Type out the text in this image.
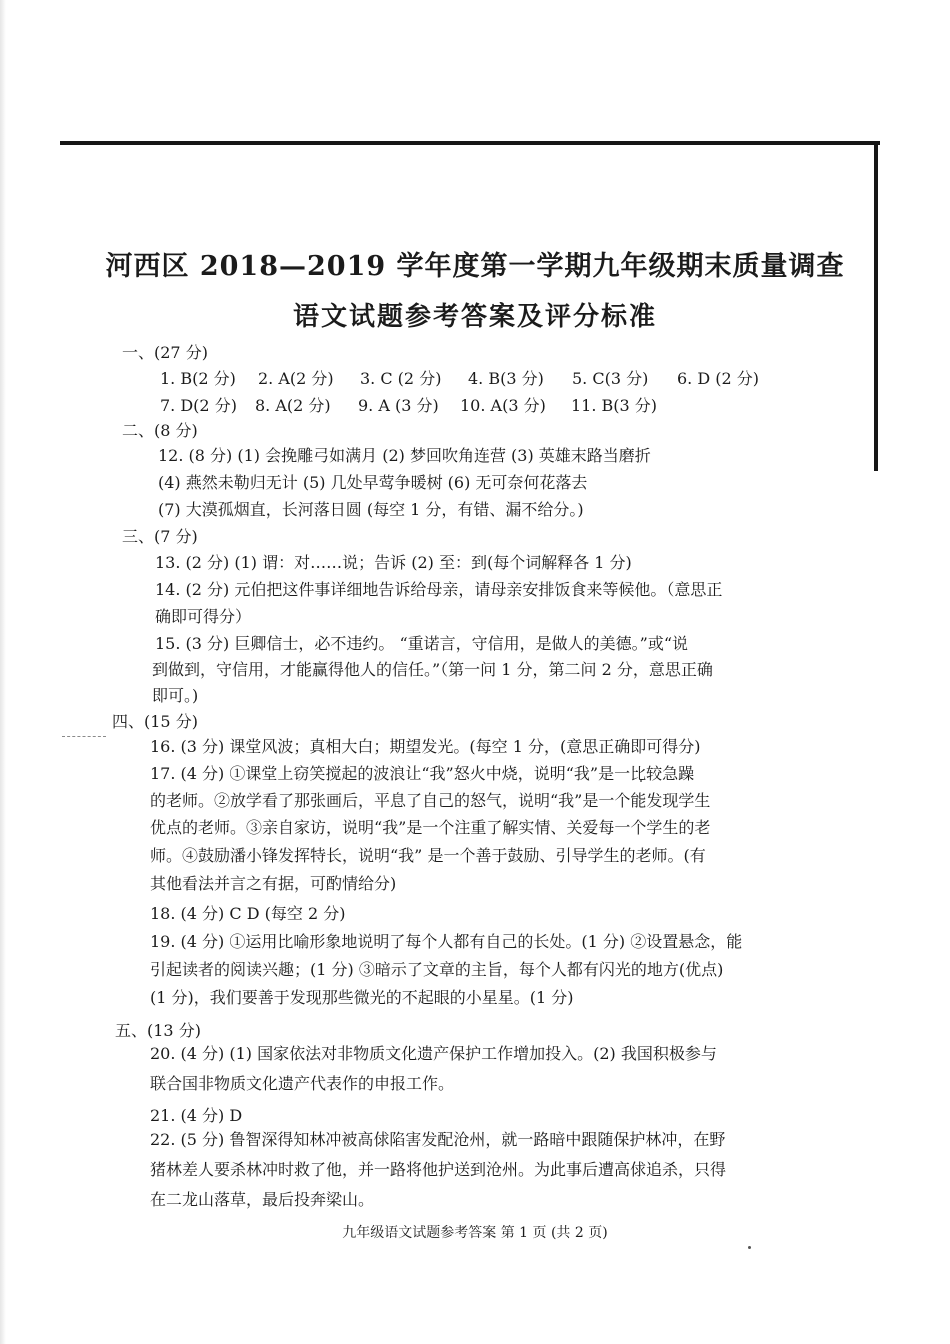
河西区 2018—2019 学年度第一学期九年级期末质量调查
语文试题参考答案及评分标准
一、(27 分)
1. B(2 分) 2. A(2 分) 3. C (2 分) 4. B(3 分) 5. C(3 分) 6. D (2 分)
7. D(2 分) 8. A(2 分) 9. A (3 分) 10. A(3 分) 11. B(3 分)
二、(8 分)
12. (8 分) (1) 会挽雕弓如满月 (2) 梦回吹角连营 (3) 英雄末路当磨折
(4) 燕然未勒归无计 (5) 几处早莺争暖树 (6) 无可奈何花落去
(7) 大漠孤烟直，长河落日圆 (每空 1 分，有错、漏不给分。)
三、(7 分)
13. (2 分) (1) 谓：对……说；告诉 (2) 至：到(每个词解释各 1 分)
14. (2 分) 元伯把这件事详细地告诉给母亲，请母亲安排饭食来等候他。（意思正
确即可得分）
15. (3 分) 巨卿信士，必不违约。 “重诺言，守信用，是做人的美德。”或“说
到做到，守信用，才能赢得他人的信任。”（第一问 1 分，第二问 2 分，意思正确
即可。)
四、(15 分)
16. (3 分) 课堂风波；真相大白；期望发光。(每空 1 分，(意思正确即可得分)
17. (4 分) ①课堂上窃笑搅起的波浪让“我”怒火中烧，说明“我”是一比较急躁
的老师。②放学看了那张画后，平息了自己的怒气，说明“我”是一个能发现学生
优点的老师。③亲自家访，说明“我”是一个注重了解实情、关爱每一个学生的老
师。④鼓励潘小锋发挥特长，说明“我” 是一个善于鼓励、引导学生的老师。(有
其他看法并言之有据，可酌情给分)
18. (4 分) C D (每空 2 分)
19. (4 分) ①运用比喻形象地说明了每个人都有自己的长处。(1 分) ②设置悬念，能
引起读者的阅读兴趣；(1 分) ③暗示了文章的主旨，每个人都有闪光的地方(优点)
(1 分)，我们要善于发现那些微光的不起眼的小星星。(1 分)
五、(13 分)
20. (4 分) (1) 国家依法对非物质文化遗产保护工作增加投入。(2) 我国积极参与
联合国非物质文化遗产代表作的申报工作。
21. (4 分) D
22. (5 分) 鲁智深得知林冲被高俅陷害发配沧州，就一路暗中跟随保护林冲，在野
猪林差人要杀林冲时救了他，并一路将他护送到沧州。为此事后遭高俅追杀，只得
在二龙山落草，最后投奔梁山。
九年级语文试题参考答案 第 1 页 (共 2 页)
